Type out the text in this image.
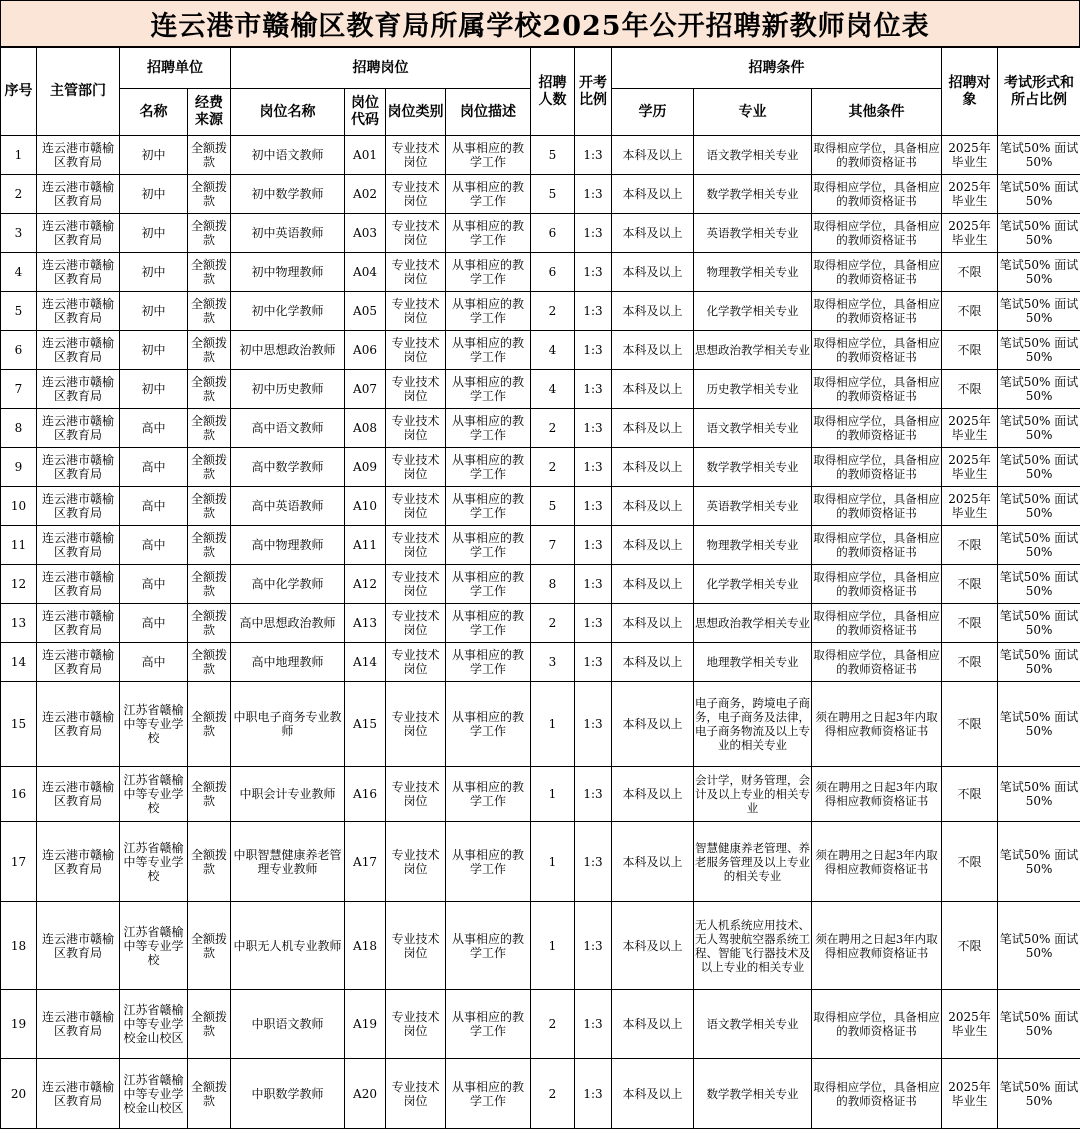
连云港市赣榆区教育局所属学校2025年公开招聘新教师岗位表
序号	主管部门	招聘单位		招聘岗位				招聘人数	开考比例	招聘条件			招聘对象	考试形式和所占比例
		名称	经费来源	岗位名称	岗位代码	岗位类别	岗位描述			学历	专业	其他条件		
1	连云港市赣榆区教育局	初中	全额拨款	初中语文教师	A01	专业技术岗位	从事相应的教学工作	5	1:3	本科及以上	语文教学相关专业	取得相应学位，具备相应的教师资格证书	2025年毕业生	笔试50% 面试50%
2	连云港市赣榆区教育局	初中	全额拨款	初中数学教师	A02	专业技术岗位	从事相应的教学工作	5	1:3	本科及以上	数学教学相关专业	取得相应学位，具备相应的教师资格证书	2025年毕业生	笔试50% 面试50%
3	连云港市赣榆区教育局	初中	全额拨款	初中英语教师	A03	专业技术岗位	从事相应的教学工作	6	1:3	本科及以上	英语教学相关专业	取得相应学位，具备相应的教师资格证书	2025年毕业生	笔试50% 面试50%
4	连云港市赣榆区教育局	初中	全额拨款	初中物理教师	A04	专业技术岗位	从事相应的教学工作	6	1:3	本科及以上	物理教学相关专业	取得相应学位，具备相应的教师资格证书	不限	笔试50% 面试50%
5	连云港市赣榆区教育局	初中	全额拨款	初中化学教师	A05	专业技术岗位	从事相应的教学工作	2	1:3	本科及以上	化学教学相关专业	取得相应学位，具备相应的教师资格证书	不限	笔试50% 面试50%
6	连云港市赣榆区教育局	初中	全额拨款	初中思想政治教师	A06	专业技术岗位	从事相应的教学工作	4	1:3	本科及以上	思想政治教学相关专业	取得相应学位，具备相应的教师资格证书	不限	笔试50% 面试50%
7	连云港市赣榆区教育局	初中	全额拨款	初中历史教师	A07	专业技术岗位	从事相应的教学工作	4	1:3	本科及以上	历史教学相关专业	取得相应学位，具备相应的教师资格证书	不限	笔试50% 面试50%
8	连云港市赣榆区教育局	高中	全额拨款	高中语文教师	A08	专业技术岗位	从事相应的教学工作	2	1:3	本科及以上	语文教学相关专业	取得相应学位，具备相应的教师资格证书	2025年毕业生	笔试50% 面试50%
9	连云港市赣榆区教育局	高中	全额拨款	高中数学教师	A09	专业技术岗位	从事相应的教学工作	2	1:3	本科及以上	数学教学相关专业	取得相应学位，具备相应的教师资格证书	2025年毕业生	笔试50% 面试50%
10	连云港市赣榆区教育局	高中	全额拨款	高中英语教师	A10	专业技术岗位	从事相应的教学工作	5	1:3	本科及以上	英语教学相关专业	取得相应学位，具备相应的教师资格证书	2025年毕业生	笔试50% 面试50%
11	连云港市赣榆区教育局	高中	全额拨款	高中物理教师	A11	专业技术岗位	从事相应的教学工作	7	1:3	本科及以上	物理教学相关专业	取得相应学位，具备相应的教师资格证书	不限	笔试50% 面试50%
12	连云港市赣榆区教育局	高中	全额拨款	高中化学教师	A12	专业技术岗位	从事相应的教学工作	8	1:3	本科及以上	化学教学相关专业	取得相应学位，具备相应的教师资格证书	不限	笔试50% 面试50%
13	连云港市赣榆区教育局	高中	全额拨款	高中思想政治教师	A13	专业技术岗位	从事相应的教学工作	2	1:3	本科及以上	思想政治教学相关专业	取得相应学位，具备相应的教师资格证书	不限	笔试50% 面试50%
14	连云港市赣榆区教育局	高中	全额拨款	高中地理教师	A14	专业技术岗位	从事相应的教学工作	3	1:3	本科及以上	地理教学相关专业	取得相应学位，具备相应的教师资格证书	不限	笔试50% 面试50%
15	连云港市赣榆区教育局	江苏省赣榆中等专业学校	全额拨款	中职电子商务专业教师	A15	专业技术岗位	从事相应的教学工作	1	1:3	本科及以上	电子商务，跨境电子商务，电子商务及法律，电子商务物流及以上专业的相关专业	须在聘用之日起3年内取得相应教师资格证书	不限	笔试50% 面试50%
16	连云港市赣榆区教育局	江苏省赣榆中等专业学校	全额拨款	中职会计专业教师	A16	专业技术岗位	从事相应的教学工作	1	1:3	本科及以上	会计学，财务管理，会计及以上专业的相关专业	须在聘用之日起3年内取得相应教师资格证书	不限	笔试50% 面试50%
17	连云港市赣榆区教育局	江苏省赣榆中等专业学校	全额拨款	中职智慧健康养老管理专业教师	A17	专业技术岗位	从事相应的教学工作	1	1:3	本科及以上	智慧健康养老管理、养老服务管理及以上专业的相关专业	须在聘用之日起3年内取得相应教师资格证书	不限	笔试50% 面试50%
18	连云港市赣榆区教育局	江苏省赣榆中等专业学校	全额拨款	中职无人机专业教师	A18	专业技术岗位	从事相应的教学工作	1	1:3	本科及以上	无人机系统应用技术、无人驾驶航空器系统工程、智能飞行器技术及以上专业的相关专业	须在聘用之日起3年内取得相应教师资格证书	不限	笔试50% 面试50%
19	连云港市赣榆区教育局	江苏省赣榆中等专业学校金山校区	全额拨款	中职语文教师	A19	专业技术岗位	从事相应的教学工作	2	1:3	本科及以上	语文教学相关专业	取得相应学位，具备相应的教师资格证书	2025年毕业生	笔试50% 面试50%
20	连云港市赣榆区教育局	江苏省赣榆中等专业学校金山校区	全额拨款	中职数学教师	A20	专业技术岗位	从事相应的教学工作	2	1:3	本科及以上	数学教学相关专业	取得相应学位，具备相应的教师资格证书	2025年毕业生	笔试50% 面试50%
